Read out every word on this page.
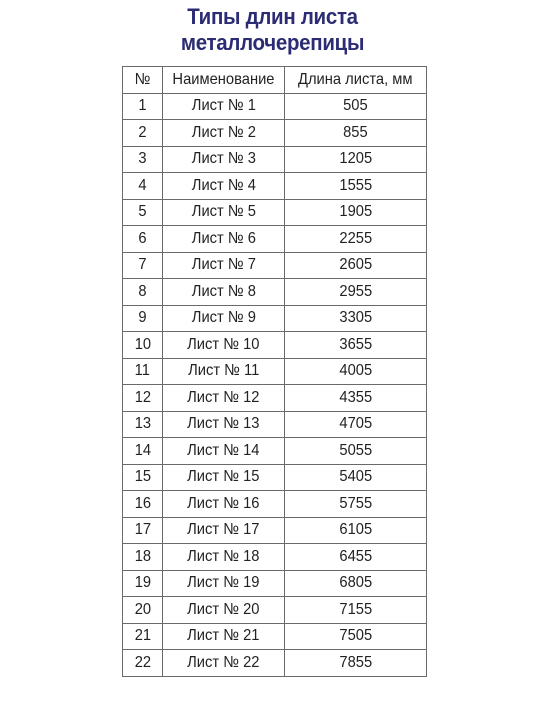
Типы длин листа
металлочерепицы
№	Наименование	Длина листа, мм
1	Лист № 1	505
2	Лист № 2	855
3	Лист № 3	1205
4	Лист № 4	1555
5	Лист № 5	1905
6	Лист № 6	2255
7	Лист № 7	2605
8	Лист № 8	2955
9	Лист № 9	3305
10	Лист № 10	3655
11	Лист № 11	4005
12	Лист № 12	4355
13	Лист № 13	4705
14	Лист № 14	5055
15	Лист № 15	5405
16	Лист № 16	5755
17	Лист № 17	6105
18	Лист № 18	6455
19	Лист № 19	6805
20	Лист № 20	7155
21	Лист № 21	7505
22	Лист № 22	7855
